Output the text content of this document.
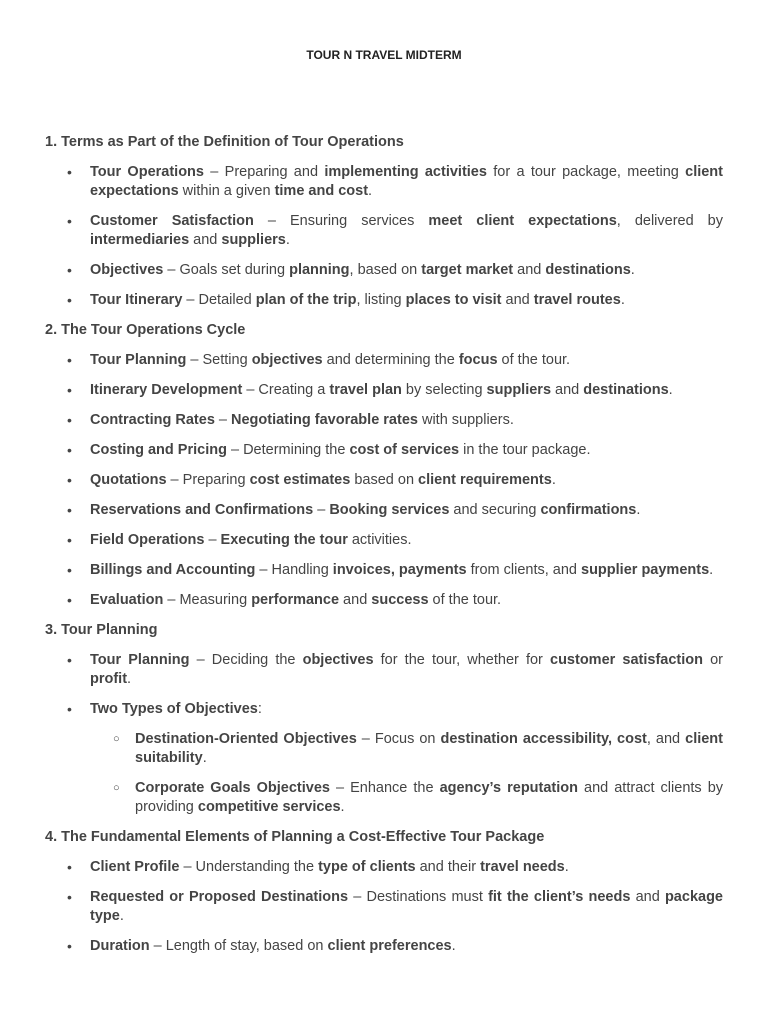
TOUR N TRAVEL MIDTERM
1. Terms as Part of the Definition of Tour Operations
• Tour Operations – Preparing and implementing activities for a tour package, meeting client expectations within a given time and cost.
• Customer Satisfaction – Ensuring services meet client expectations, delivered by intermediaries and suppliers.
• Objectives – Goals set during planning, based on target market and destinations.
• Tour Itinerary – Detailed plan of the trip, listing places to visit and travel routes.
2. The Tour Operations Cycle
• Tour Planning – Setting objectives and determining the focus of the tour.
• Itinerary Development – Creating a travel plan by selecting suppliers and destinations.
• Contracting Rates – Negotiating favorable rates with suppliers.
• Costing and Pricing – Determining the cost of services in the tour package.
• Quotations – Preparing cost estimates based on client requirements.
• Reservations and Confirmations – Booking services and securing confirmations.
• Field Operations – Executing the tour activities.
• Billings and Accounting – Handling invoices, payments from clients, and supplier payments.
• Evaluation – Measuring performance and success of the tour.
3. Tour Planning
• Tour Planning – Deciding the objectives for the tour, whether for customer satisfaction or profit.
• Two Types of Objectives:
○ Destination-Oriented Objectives – Focus on destination accessibility, cost, and client suitability.
○ Corporate Goals Objectives – Enhance the agency’s reputation and attract clients by providing competitive services.
4. The Fundamental Elements of Planning a Cost-Effective Tour Package
• Client Profile – Understanding the type of clients and their travel needs.
• Requested or Proposed Destinations – Destinations must fit the client’s needs and package type.
• Duration – Length of stay, based on client preferences.
